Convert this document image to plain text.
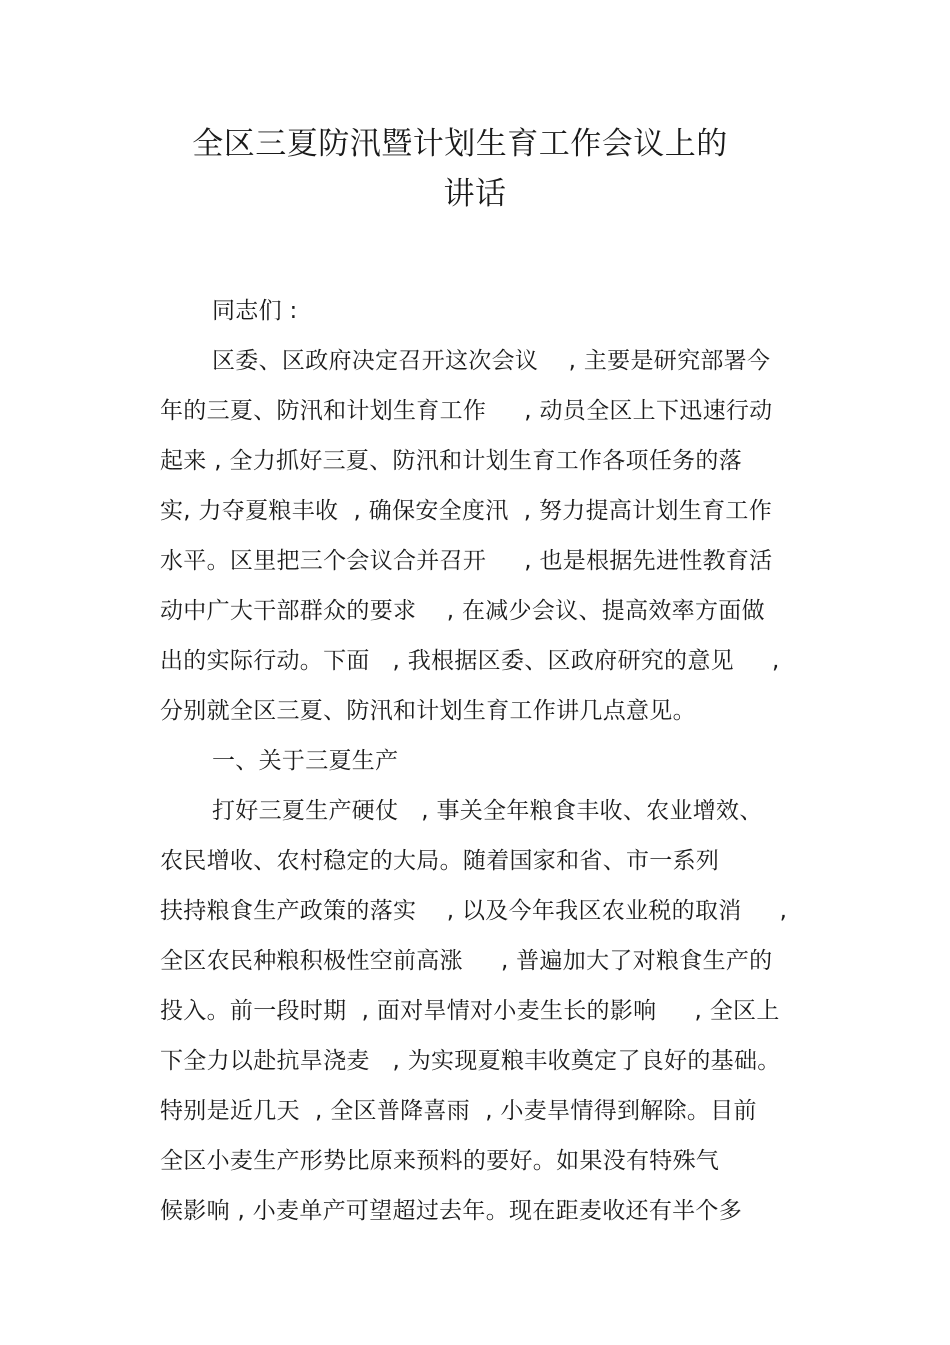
全区三夏防汛暨计划生育工作会议上的
讲话
同志们 :
区委、区政府决定召开这次会议    , 主要是研究部署今
年的三夏、防汛和计划生育工作     , 动员全区上下迅速行动
起来 , 全力抓好三夏、防汛和计划生育工作各项任务的落
实, 力夺夏粮丰收  , 确保安全度汛  , 努力提高计划生育工作
水平。区里把三个会议合并召开     , 也是根据先进性教育活
动中广大干部群众的要求    , 在减少会议、提高效率方面做
出的实际行动。下面   , 我根据区委、区政府研究的意见     ,
分别就全区三夏、防汛和计划生育工作讲几点意见。
一、关于三夏生产
打好三夏生产硬仗   , 事关全年粮食丰收、农业增效、
农民增收、农村稳定的大局。随着国家和省、市一系列
扶持粮食生产政策的落实    , 以及今年我区农业税的取消     ,
全区农民种粮积极性空前高涨     , 普遍加大了对粮食生产的
投入。前一段时期  , 面对旱情对小麦生长的影响     , 全区上
下全力以赴抗旱浇麦   , 为实现夏粮丰收奠定了良好的基础。
特别是近几天  , 全区普降喜雨  , 小麦旱情得到解除。目前
全区小麦生产形势比原来预料的要好。如果没有特殊气
候影响 , 小麦单产可望超过去年。现在距麦收还有半个多
